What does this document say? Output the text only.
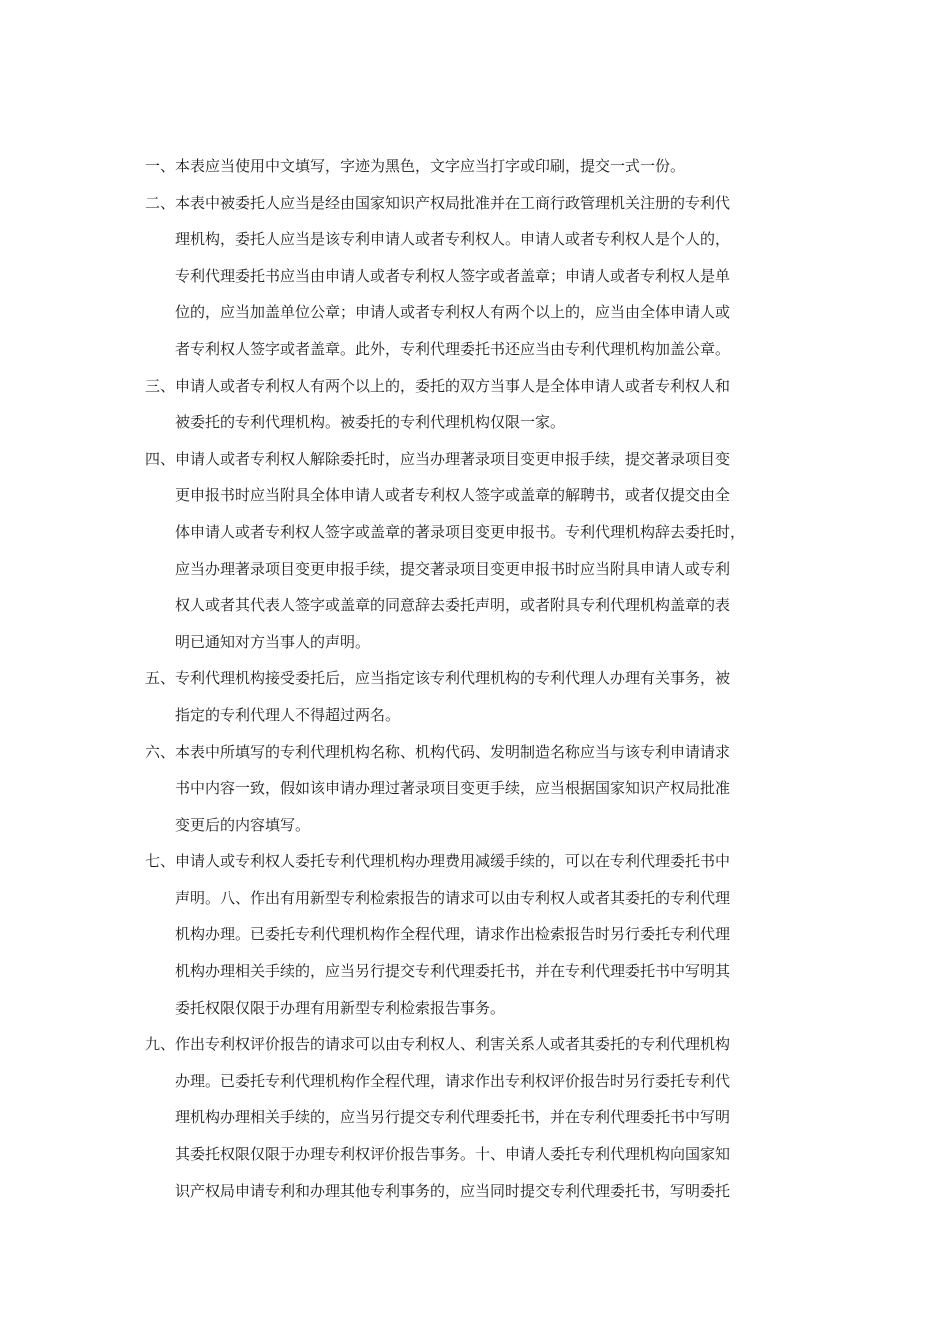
一、 本表应当使用中文填写，字迹为黑色，文字应当打字或印刷，提交一式一份。
二、 本表中被委托人应当是经由国家知识产权局批准并在工商行政管理机关注册的专利代
理机构，委托人应当是该专利申请人或者专利权人。申请人或者专利权人是个人的，
专利代理委托书应当由申请人或者专利权人签字或者盖章；申请人或者专利权人是单
位的，应当加盖单位公章；申请人或者专利权人有两个以上的，应当由全体申请人或
者专利权人签字或者盖章。此外，专利代理委托书还应当由专利代理机构加盖公章。
三、 申请人或者专利权人有两个以上的，委托的双方当事人是全体申请人或者专利权人和
被委托的专利代理机构。被委托的专利代理机构仅限一家。
四、 申请人或者专利权人解除委托时，应当办理著录项目变更申报手续，提交著录项目变
更申报书时应当附具全体申请人或者专利权人签字或盖章的解聘书，或者仅提交由全
体申请人或者专利权人签字或盖章的著录项目变更申报书。专利代理机构辞去委托时，
应当办理著录项目变更申报手续，提交著录项目变更申报书时应当附具申请人或专利
权人或者其代表人签字或盖章的同意辞去委托声明，或者附具专利代理机构盖章的表
明已通知对方当事人的声明。
五、 专利代理机构接受委托后，应当指定该专利代理机构的专利代理人办理有关事务，被
指定的专利代理人不得超过两名。
六、 本表中所填写的专利代理机构名称、机构代码、发明制造名称应当与该专利申请请求
书中内容一致，假如该申请办理过著录项目变更手续，应当根据国家知识产权局批准
变更后的内容填写。
七、 申请人或专利权人委托专利代理机构办理费用减缓手续的，可以在专利代理委托书中
声明。八、作出有用新型专利检索报告的请求可以由专利权人或者其委托的专利代理
机构办理。已委托专利代理机构作全程代理，请求作出检索报告时另行委托专利代理
机构办理相关手续的，应当另行提交专利代理委托书，并在专利代理委托书中写明其
委托权限仅限于办理有用新型专利检索报告事务。
九、 作出专利权评价报告的请求可以由专利权人、利害关系人或者其委托的专利代理机构
办理。已委托专利代理机构作全程代理，请求作出专利权评价报告时另行委托专利代
理机构办理相关手续的，应当另行提交专利代理委托书，并在专利代理委托书中写明
其委托权限仅限于办理专利权评价报告事务。十、申请人委托专利代理机构向国家知
识产权局申请专利和办理其他专利事务的，应当同时提交专利代理委托书，写明委托
